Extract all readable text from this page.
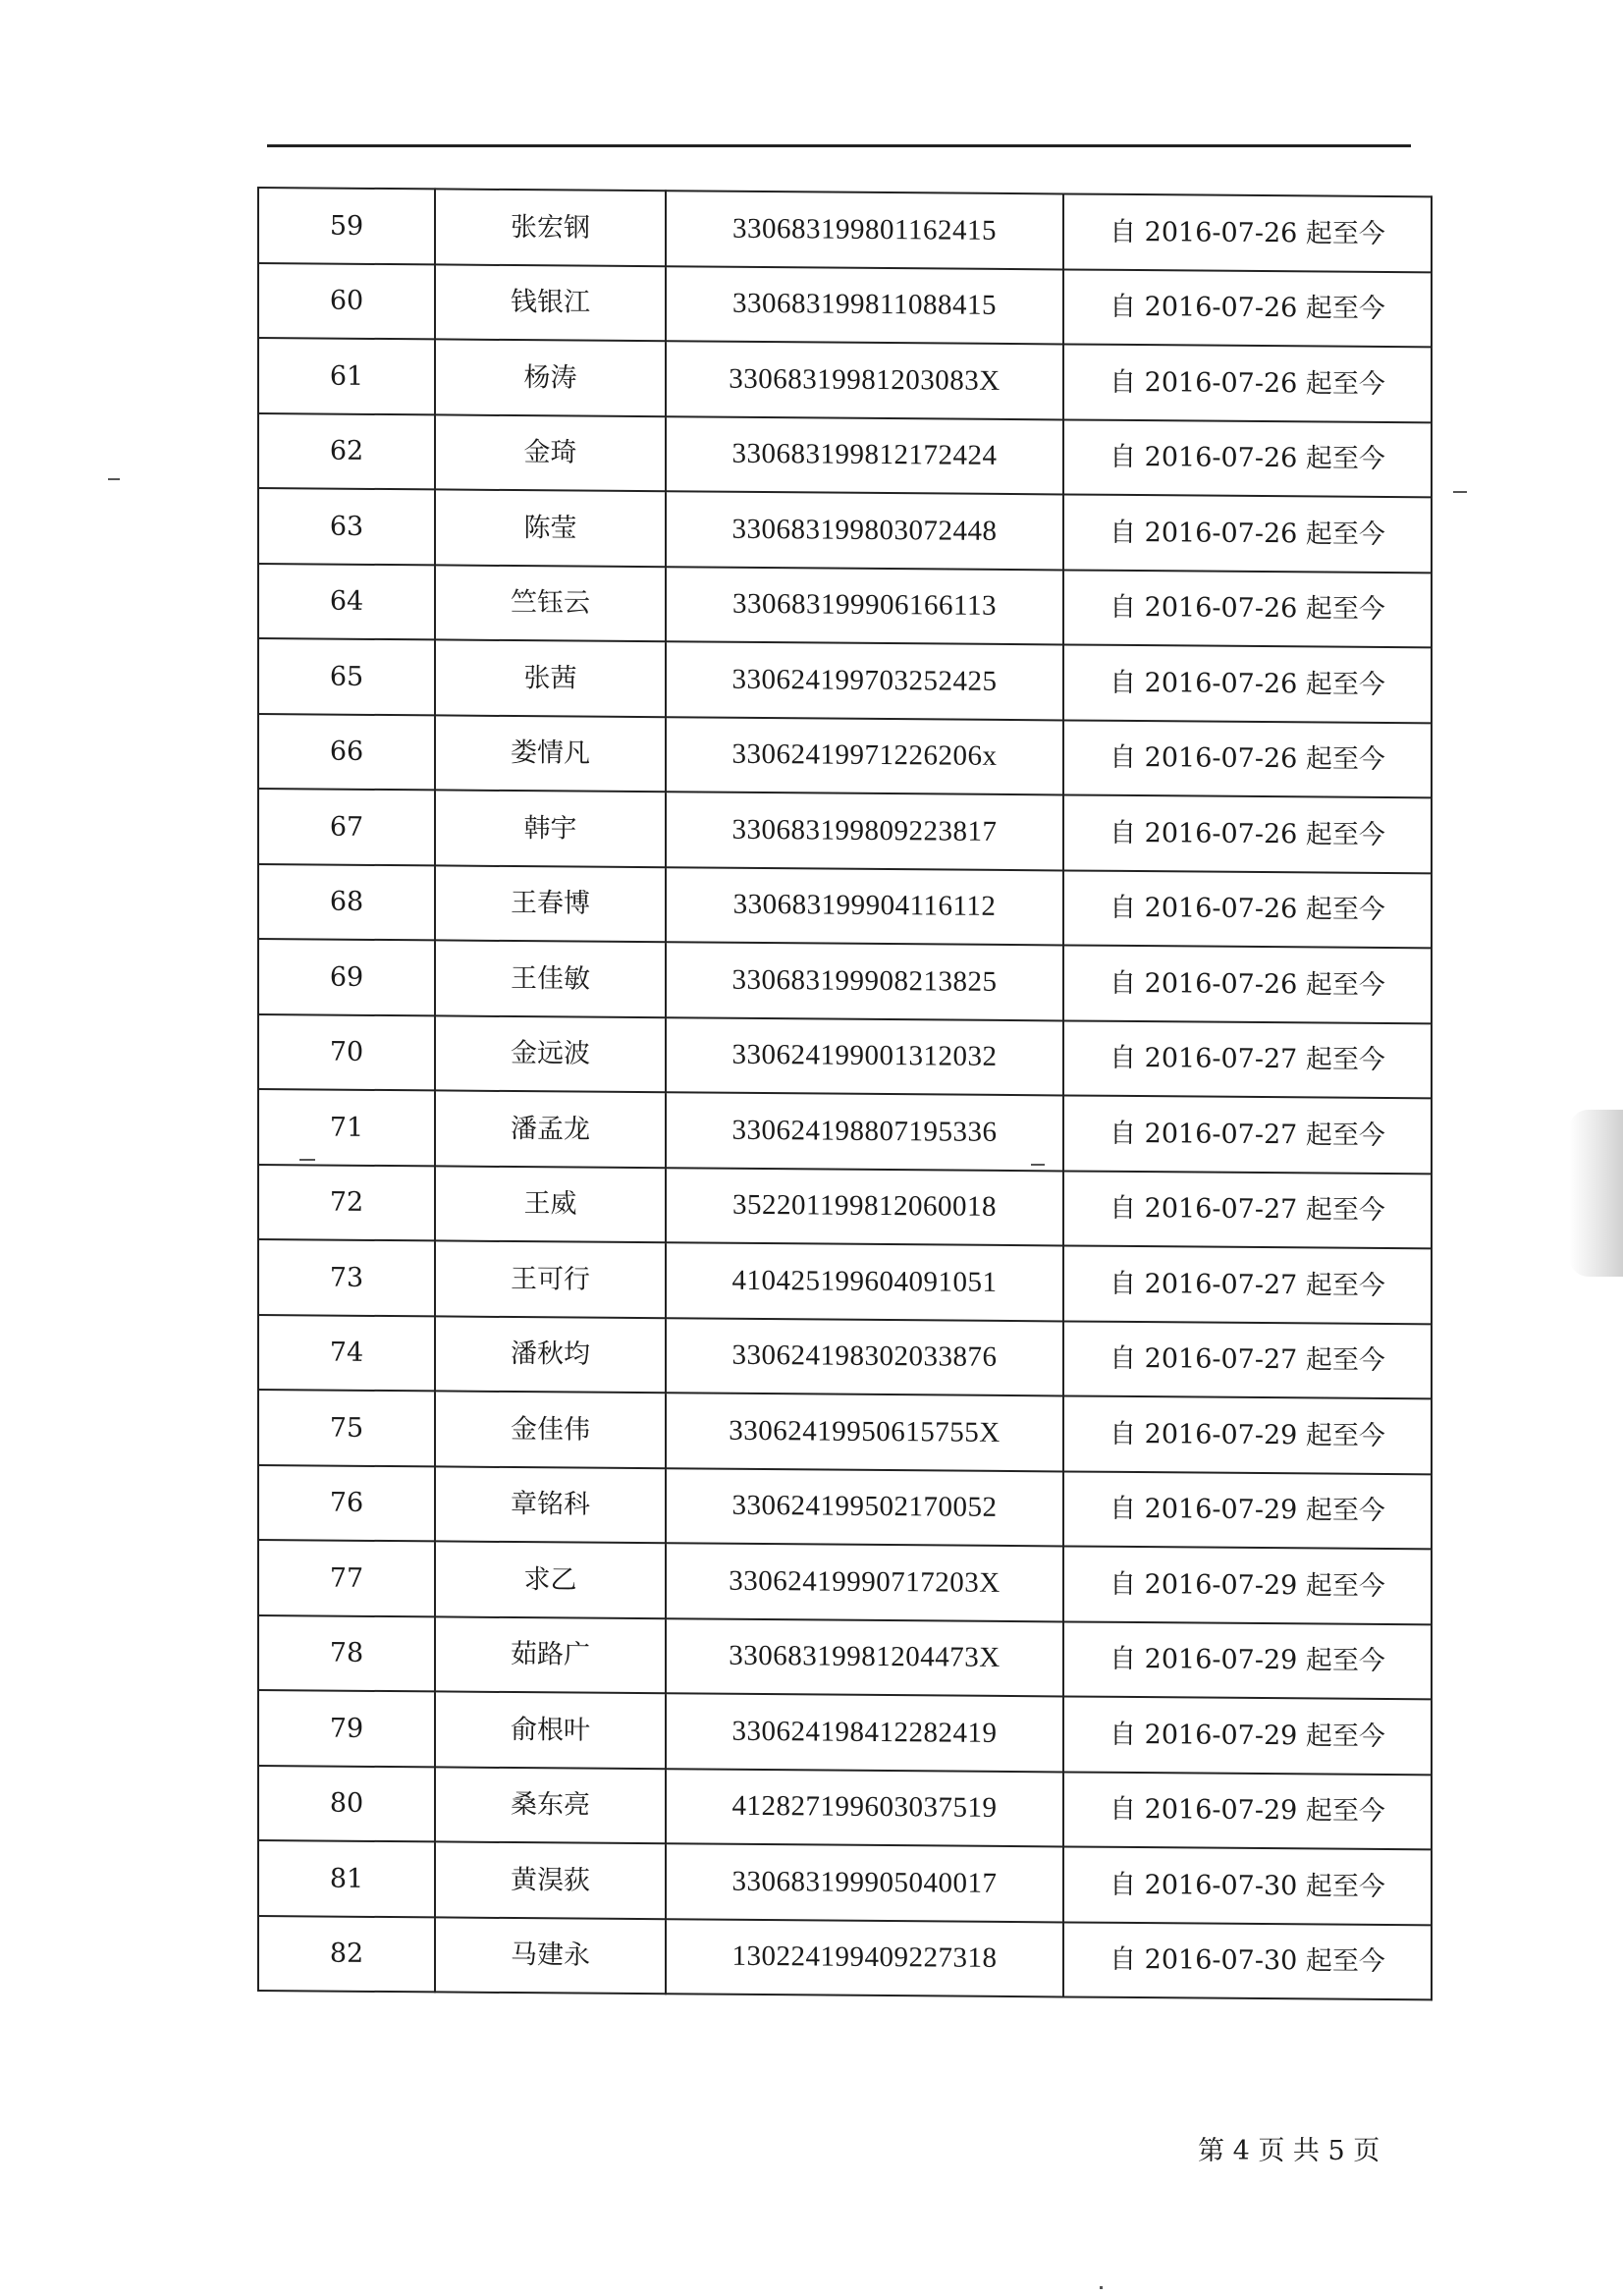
59	张宏钢	330683199801162415	自 2016-07-26 起至今
60	钱银江	330683199811088415	自 2016-07-26 起至今
61	杨涛	33068319981203083X	自 2016-07-26 起至今
62	金琦	330683199812172424	自 2016-07-26 起至今
63	陈莹	330683199803072448	自 2016-07-26 起至今
64	竺钰云	330683199906166113	自 2016-07-26 起至今
65	张茜	330624199703252425	自 2016-07-26 起至今
66	娄情凡	33062419971226206x	自 2016-07-26 起至今
67	韩宇	330683199809223817	自 2016-07-26 起至今
68	王春博	330683199904116112	自 2016-07-26 起至今
69	王佳敏	330683199908213825	自 2016-07-26 起至今
70	金远波	330624199001312032	自 2016-07-27 起至今
71	潘孟龙	330624198807195336	自 2016-07-27 起至今
72	王威	352201199812060018	自 2016-07-27 起至今
73	王可行	410425199604091051	自 2016-07-27 起至今
74	潘秋均	330624198302033876	自 2016-07-27 起至今
75	金佳伟	33062419950615755X	自 2016-07-29 起至今
76	章铭科	330624199502170052	自 2016-07-29 起至今
77	求乙	33062419990717203X	自 2016-07-29 起至今
78	茹路广	33068319981204473X	自 2016-07-29 起至今
79	俞根叶	330624198412282419	自 2016-07-29 起至今
80	桑东亮	412827199603037519	自 2016-07-29 起至今
81	黄淏荻	330683199905040017	自 2016-07-30 起至今
82	马建永	130224199409227318	自 2016-07-30 起至今
第 4 页 共 5 页
